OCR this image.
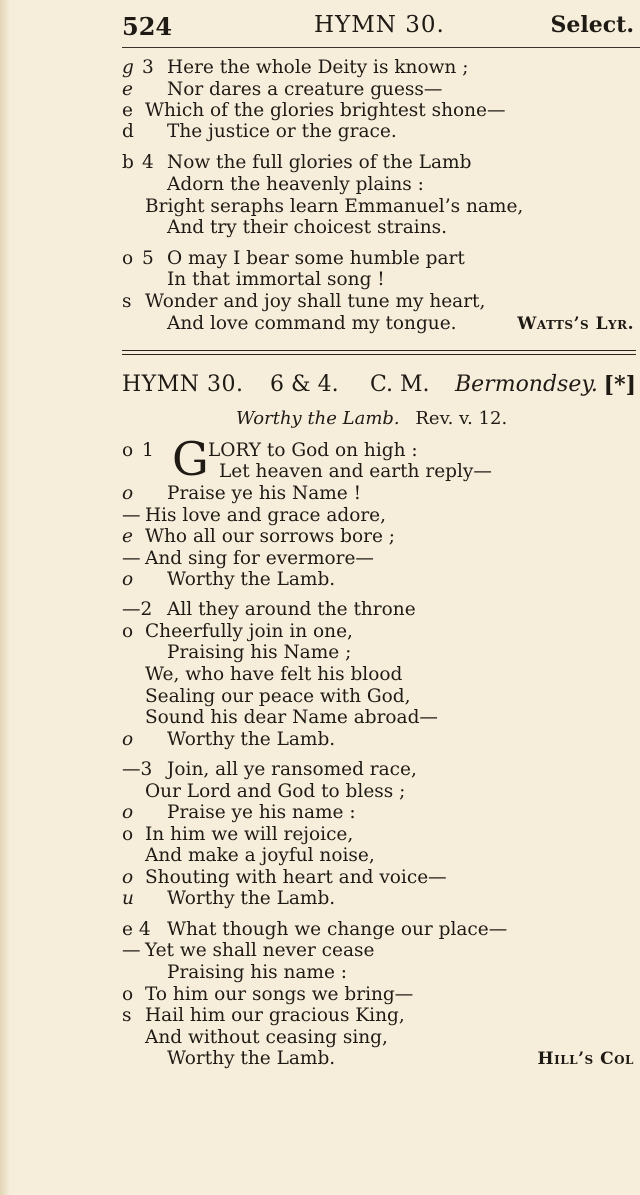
524	HYMN 30.	Select.
g 3 Here the whole Deity is known ;
e	Nor dares a creature guess—
e Which of the glories brightest shone—
d	The justice or the grace.
b 4 Now the full glories of the Lamb
Adorn the heavenly plains :
Bright seraphs learn Emmanuel’s name,
And try their choicest strains.
o 5 O may I bear some humble part
In that immortal song !
s Wonder and joy shall tune my heart,
And love command my tongue.	Watts’s Lyr.
HYMN 30. 6 & 4. C. M. Bermondsey. [*]
Worthy the Lamb. Rev. v. 12.
o 1 G LORY to God on high :
Let heaven and earth reply—
o	Praise ye his Name !
— His love and grace adore,
e Who all our sorrows bore ;
— And sing for evermore—
o	Worthy the Lamb.
—2 All they around the throne
o Cheerfully join in one,
Praising his Name ;
We, who have felt his blood
Sealing our peace with God,
Sound his dear Name abroad—
o	Worthy the Lamb.
—3 Join, all ye ransomed race,
Our Lord and God to bless ;
o	Praise ye his name :
o In him we will rejoice,
And make a joyful noise,
o Shouting with heart and voice—
u	Worthy the Lamb.
e 4 What though we change our place—
— Yet we shall never cease
Praising his name :
o To him our songs we bring—
s Hail him our gracious King,
And without ceasing sing,
Worthy the Lamb.	Hill’s Col
